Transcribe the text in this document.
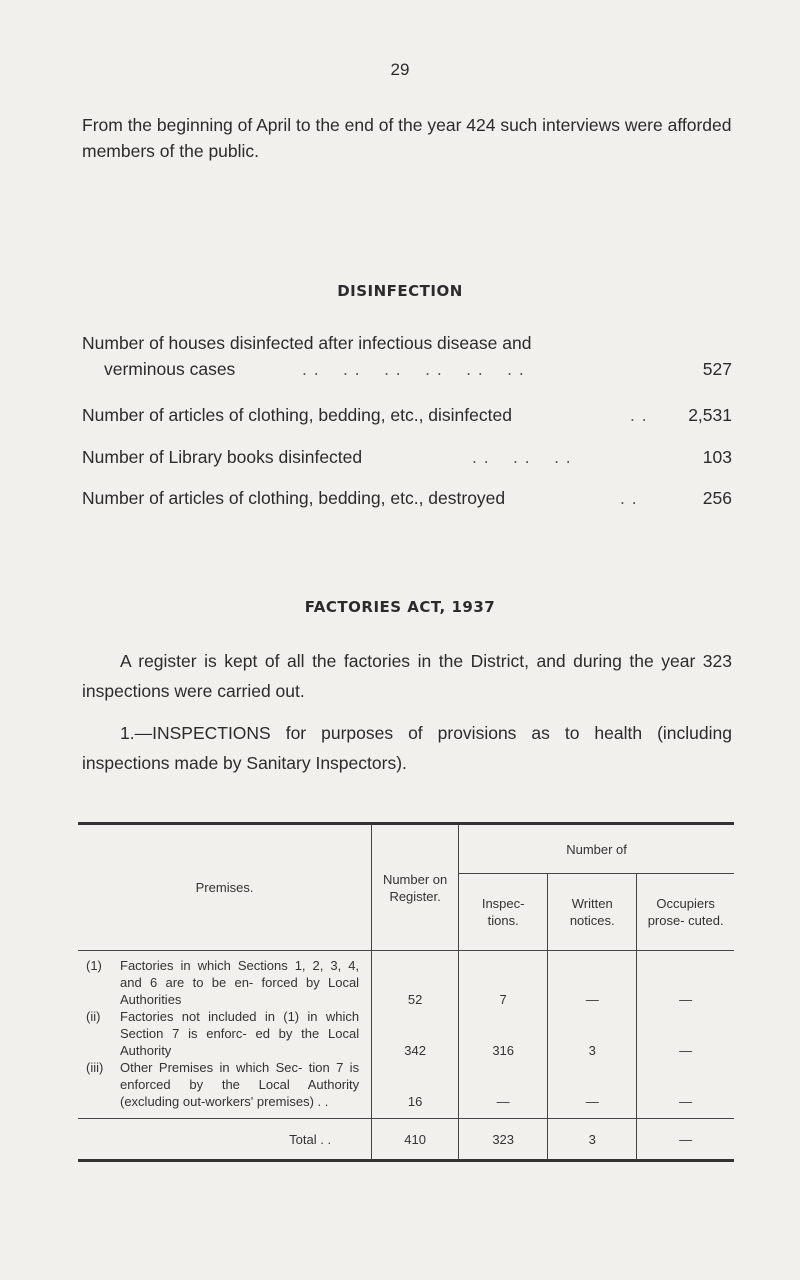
29

From the beginning of April to the end of the year 424 such interviews were afforded members of the public.

DISINFECTION
Number of houses disinfected after infectious disease and
verminous cases	. .    . .    . .    . .    . .    . .	527
Number of articles of clothing, bedding, etc., disinfected	. . 2,531
Number of Library books disinfected	. .    . .    . .	103
Number of articles of clothing, bedding, etc., destroyed	. .	256
FACTORIES ACT, 1937

A register is kept of all the factories in the District, and during the year 323 inspections were carried out.

1.—INSPECTIONS for purposes of provisions as to health (including inspections made by Sanitary Inspectors).

Premises.	Number on Register.	Number of		
		Inspec- tions.	Written notices.	Occupiers prose- cuted.

(1) Factories in which Sections 1, 2, 3, 4, and 6 are to be en- forced by Local Authorities	52	7	—	—

(ii) Factories not included in (1) in which Section 7 is enforc- ed by the Local Authority	342	316	3	—

(iii) Other Premises in which Sec- tion 7 is enforced by the Local Authority (excluding out-workers' premises) . .	16	—	—	—
Total . .	410	323	3	—
